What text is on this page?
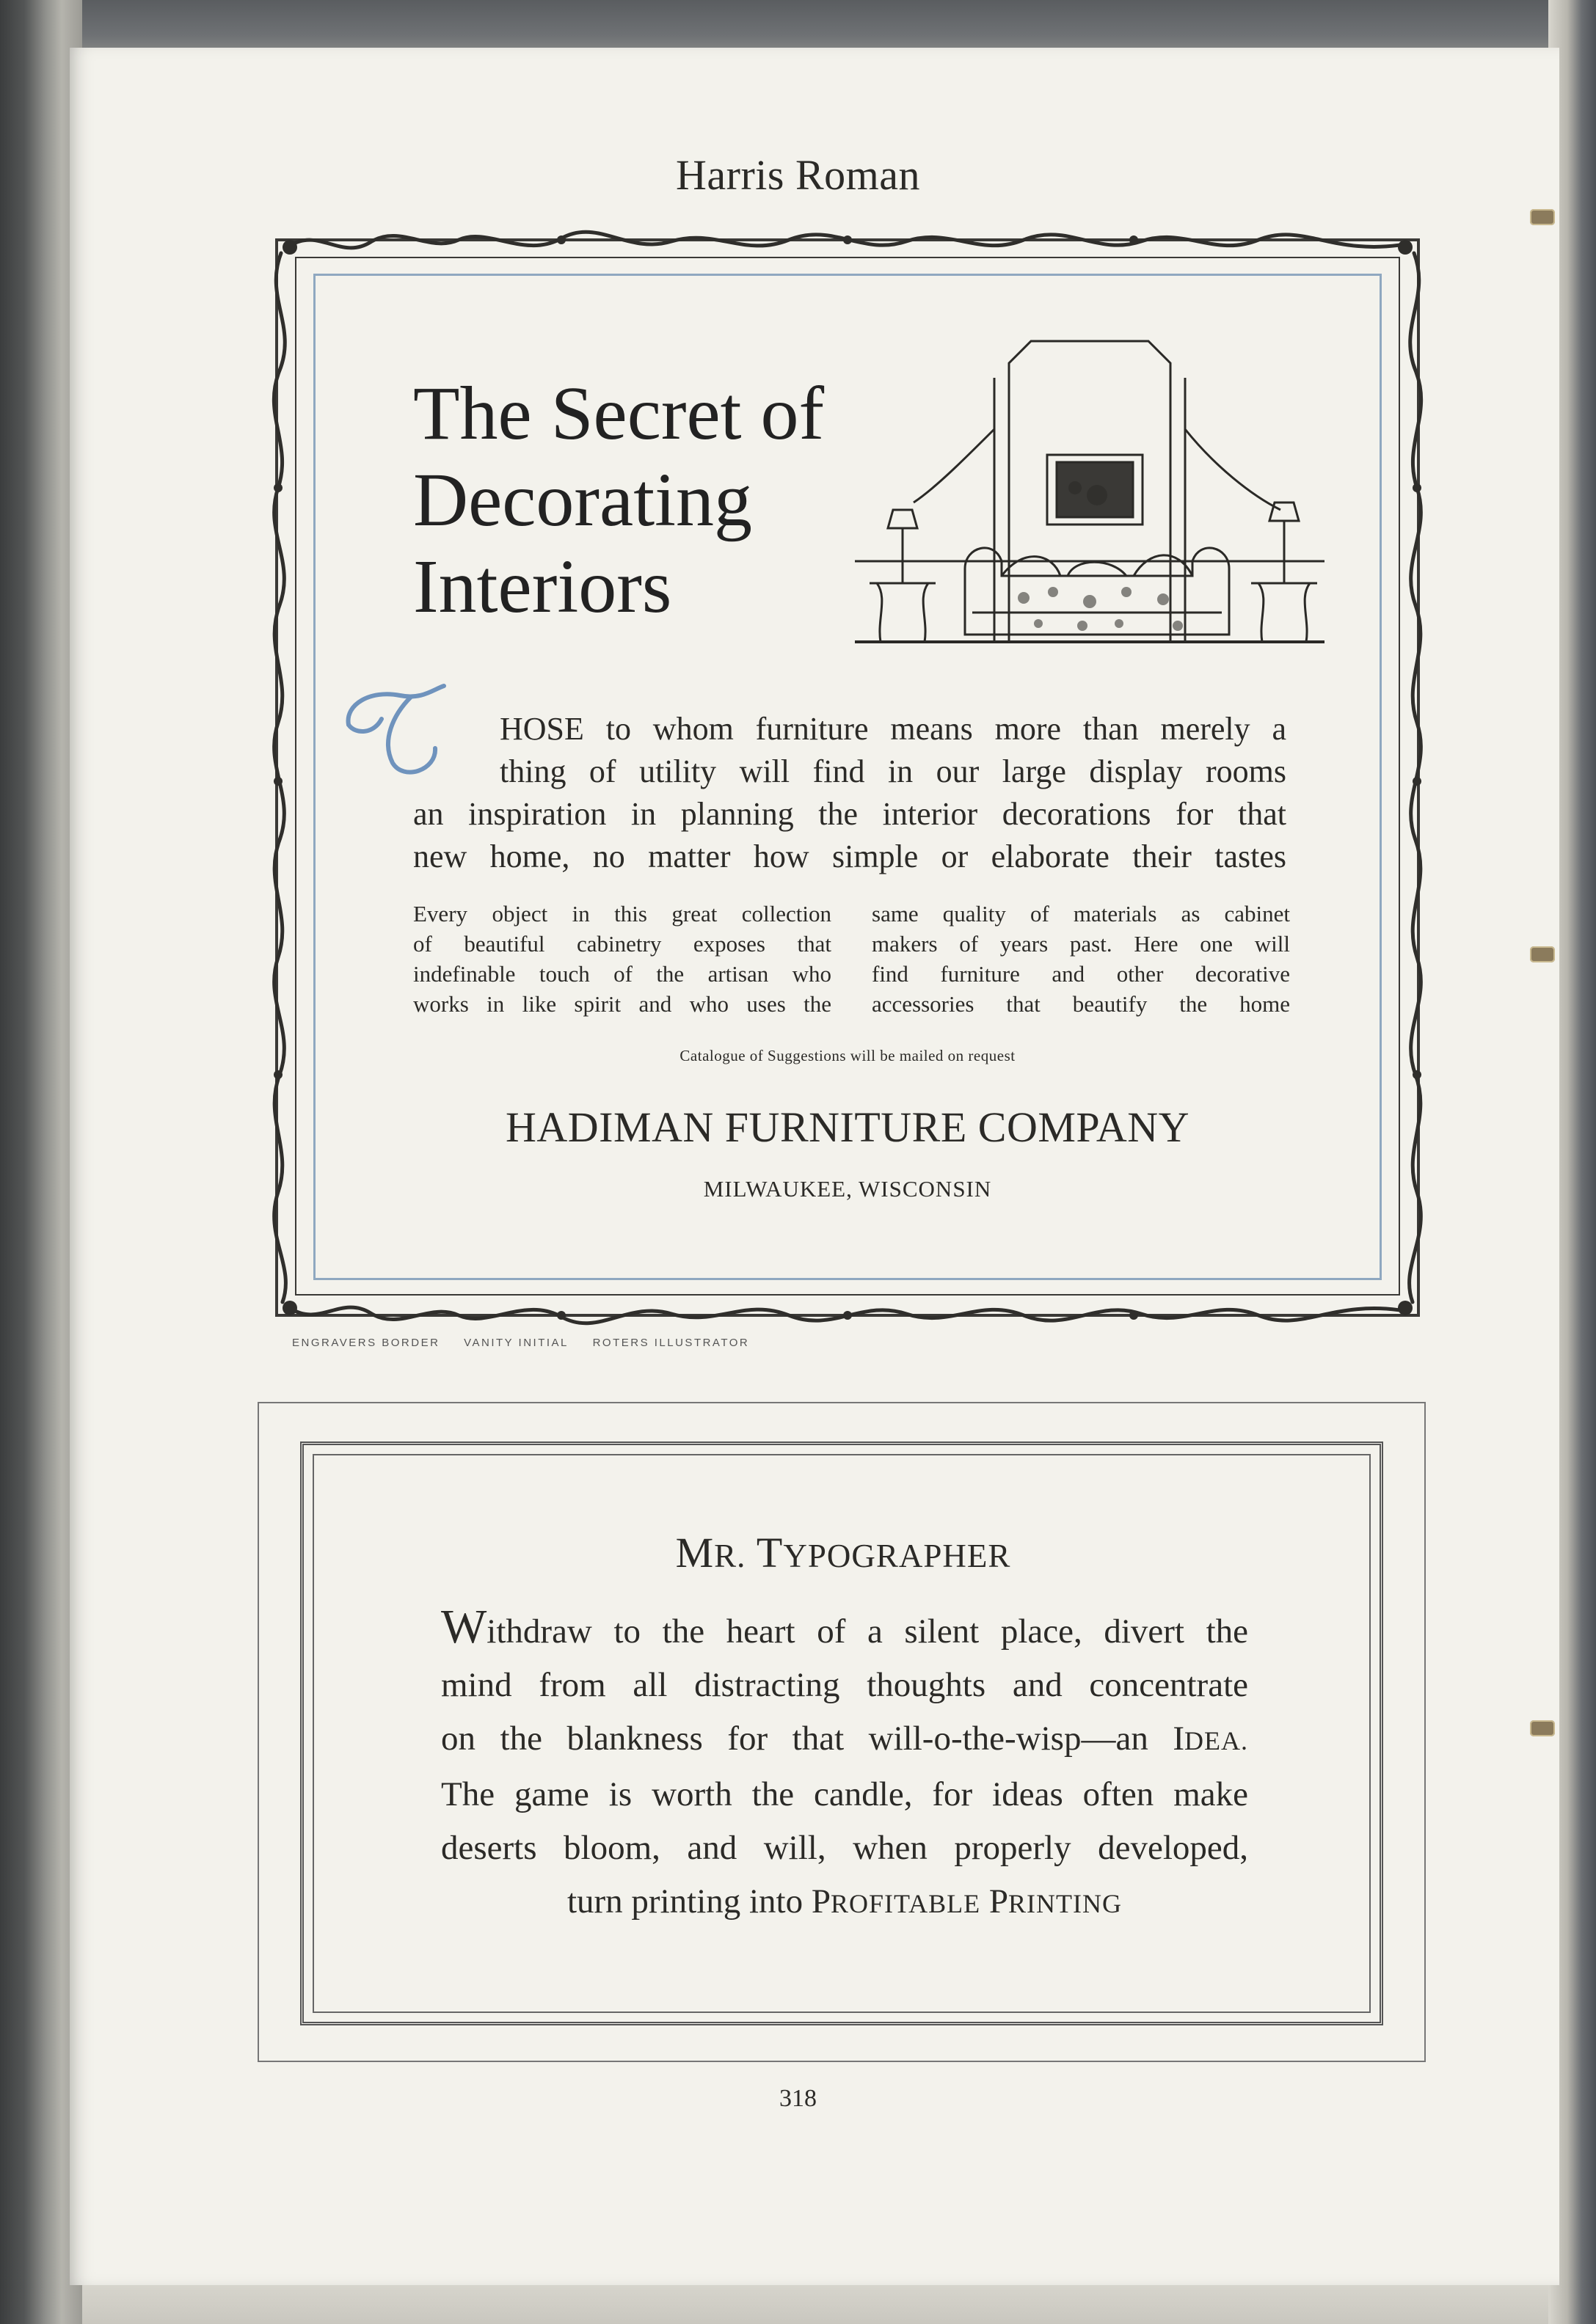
Harris Roman
The Secret of
Decorating
Interiors
HOSE to whom furniture means more than merely a
thing of utility will find in our large display rooms
an inspiration in planning the interior decorations for that
new home, no matter how simple or elaborate their tastes
Every object in this great collection
of beautiful cabinetry exposes that
indefinable touch of the artisan who
works in like spirit and who uses the
same quality of materials as cabinet
makers of years past. Here one will
find furniture and other decorative
accessories that beautify the home
Catalogue of Suggestions will be mailed on request
HADIMAN FURNITURE COMPANY
MILWAUKEE, WISCONSIN
ENGRAVERS BORDER VANITY INITIAL ROTERS ILLUSTRATOR
MR. TYPOGRAPHER
Withdraw to the heart of a silent place, divert the
mind from all distracting thoughts and concentrate
on the blankness for that will-o-the-wisp—an IDEA.
The game is worth the candle, for ideas often make
deserts bloom, and will, when properly developed,
turn printing into PROFITABLE PRINTING
318
